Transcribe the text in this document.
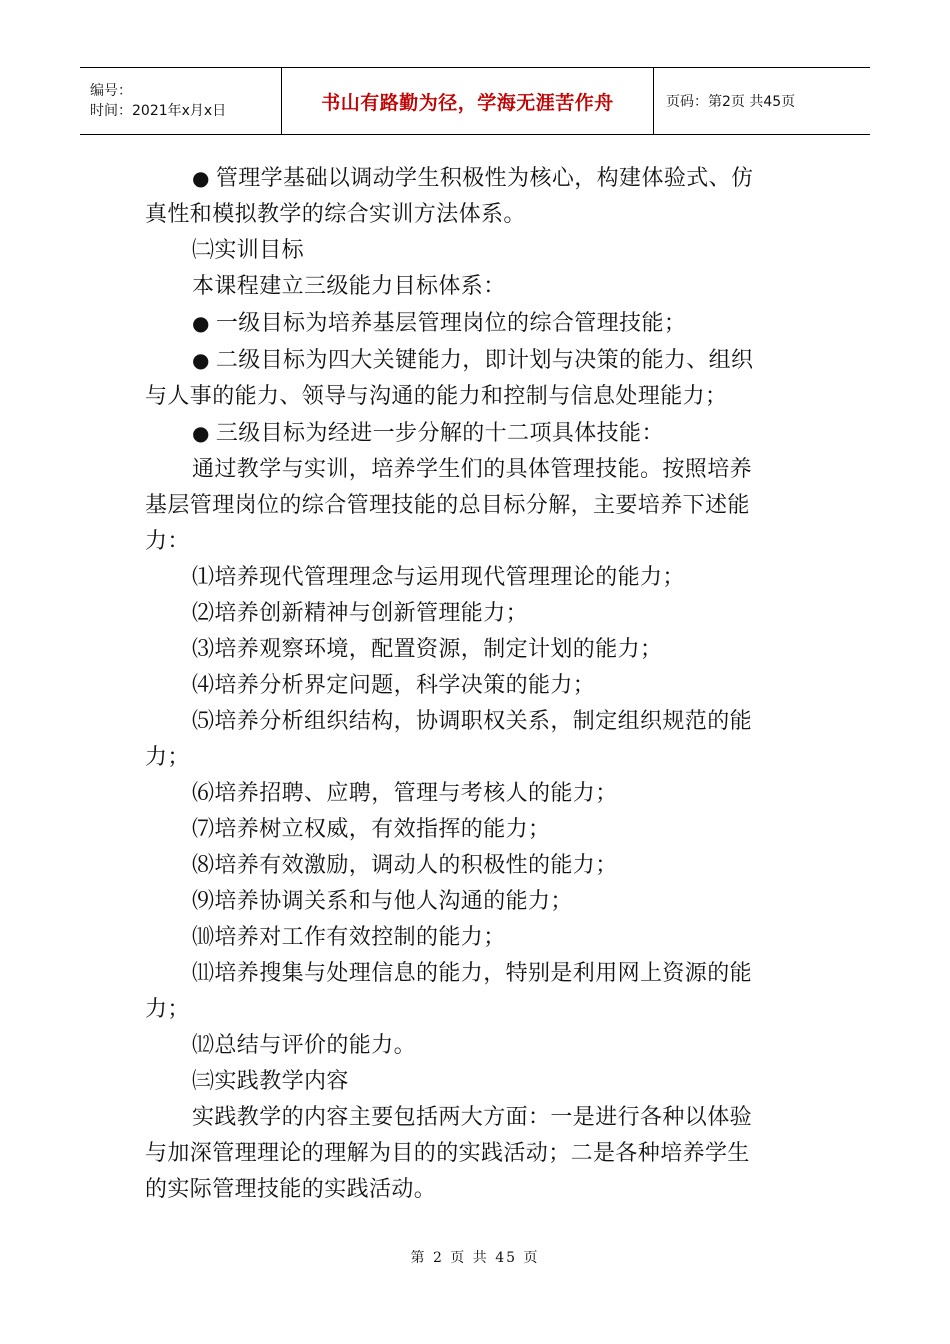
编号：
时间：2021年x月x日	书山有路勤为径，学海无涯苦作舟	页码：第2页 共45页

● 管理学基础以调动学生积极性为核心，构建体验式、仿

真性和模拟教学的综合实训方法体系。

㈡实训目标

本课程建立三级能力目标体系：

● 一级目标为培养基层管理岗位的综合管理技能；

● 二级目标为四大关键能力，即计划与决策的能力、组织

与人事的能力、领导与沟通的能力和控制与信息处理能力；

● 三级目标为经进一步分解的十二项具体技能：

通过教学与实训，培养学生们的具体管理技能。按照培养

基层管理岗位的综合管理技能的总目标分解，主要培养下述能

力：

⑴培养现代管理理念与运用现代管理理论的能力；

⑵培养创新精神与创新管理能力；

⑶培养观察环境，配置资源，制定计划的能力；

⑷培养分析界定问题，科学决策的能力；

⑸培养分析组织结构，协调职权关系，制定组织规范的能

力；

⑹培养招聘、应聘，管理与考核人的能力；

⑺培养树立权威，有效指挥的能力；

⑻培养有效激励，调动人的积极性的能力；

⑼培养协调关系和与他人沟通的能力；

⑽培养对工作有效控制的能力；

⑾培养搜集与处理信息的能力，特别是利用网上资源的能

力；

⑿总结与评价的能力。

㈢实践教学内容

实践教学的内容主要包括两大方面：一是进行各种以体验

与加深管理理论的理解为目的的实践活动；二是各种培养学生

的实际管理技能的实践活动。

第 2 页 共 45 页
